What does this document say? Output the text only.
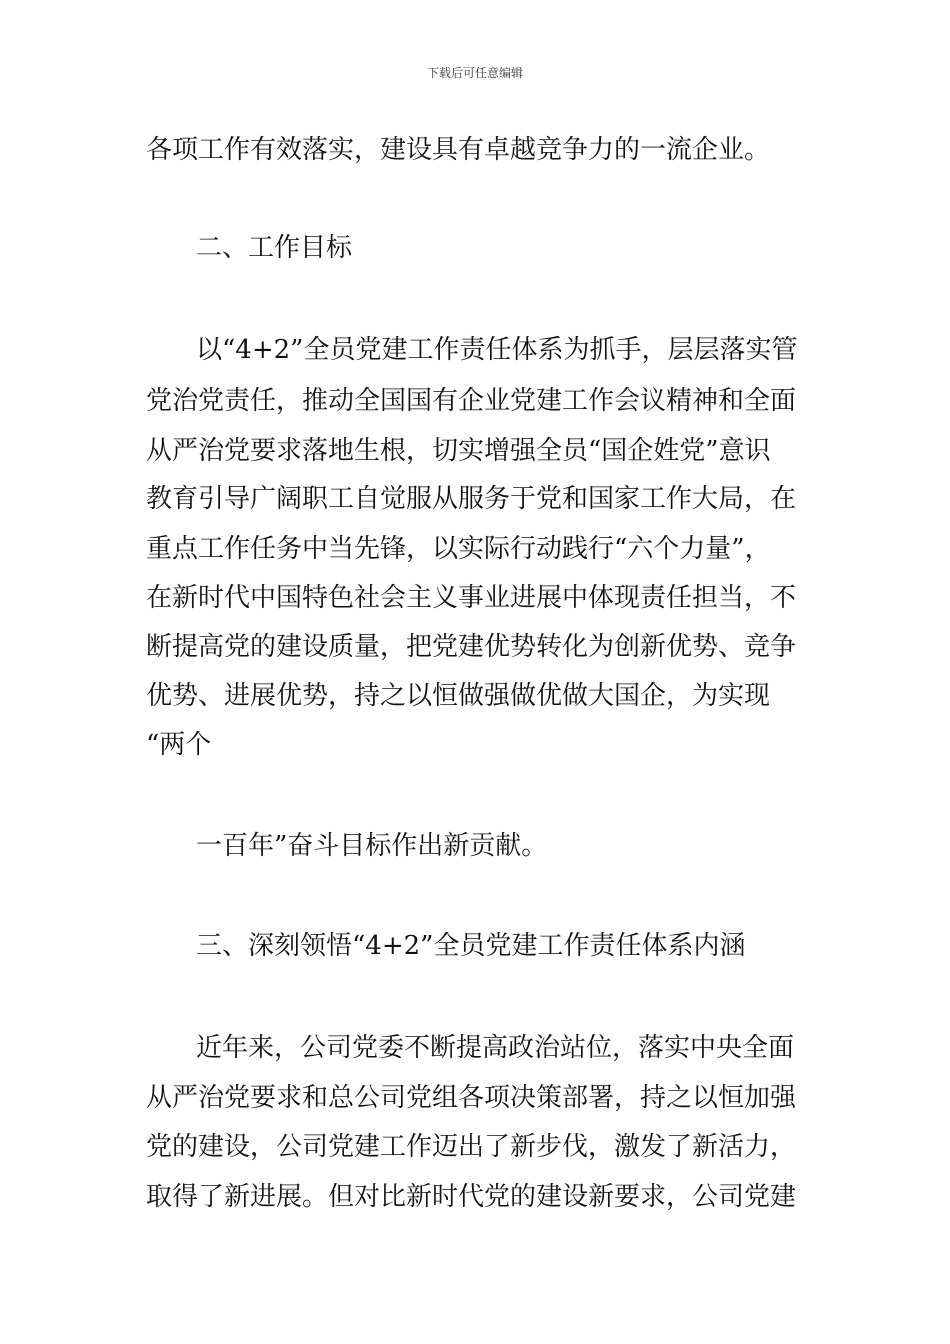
下载后可任意编辑
各项工作有效落实，建设具有卓越竞争力的一流企业。
二、工作目标
以“4+2”全员党建工作责任体系为抓手，层层落实管
党治党责任，推动全国国有企业党建工作会议精神和全面
从严治党要求落地生根，切实增强全员“国企姓党”意识
教育引导广阔职工自觉服从服务于党和国家工作大局，在
重点工作任务中当先锋，以实际行动践行“六个力量”，
在新时代中国特色社会主义事业进展中体现责任担当，不
断提高党的建设质量，把党建优势转化为创新优势、竞争
优势、进展优势，持之以恒做强做优做大国企，为实现
“两个
一百年”奋斗目标作出新贡献。
三、深刻领悟“4+2”全员党建工作责任体系内涵
近年来，公司党委不断提高政治站位，落实中央全面
从严治党要求和总公司党组各项决策部署，持之以恒加强
党的建设，公司党建工作迈出了新步伐，激发了新活力，
取得了新进展。但对比新时代党的建设新要求，公司党建
